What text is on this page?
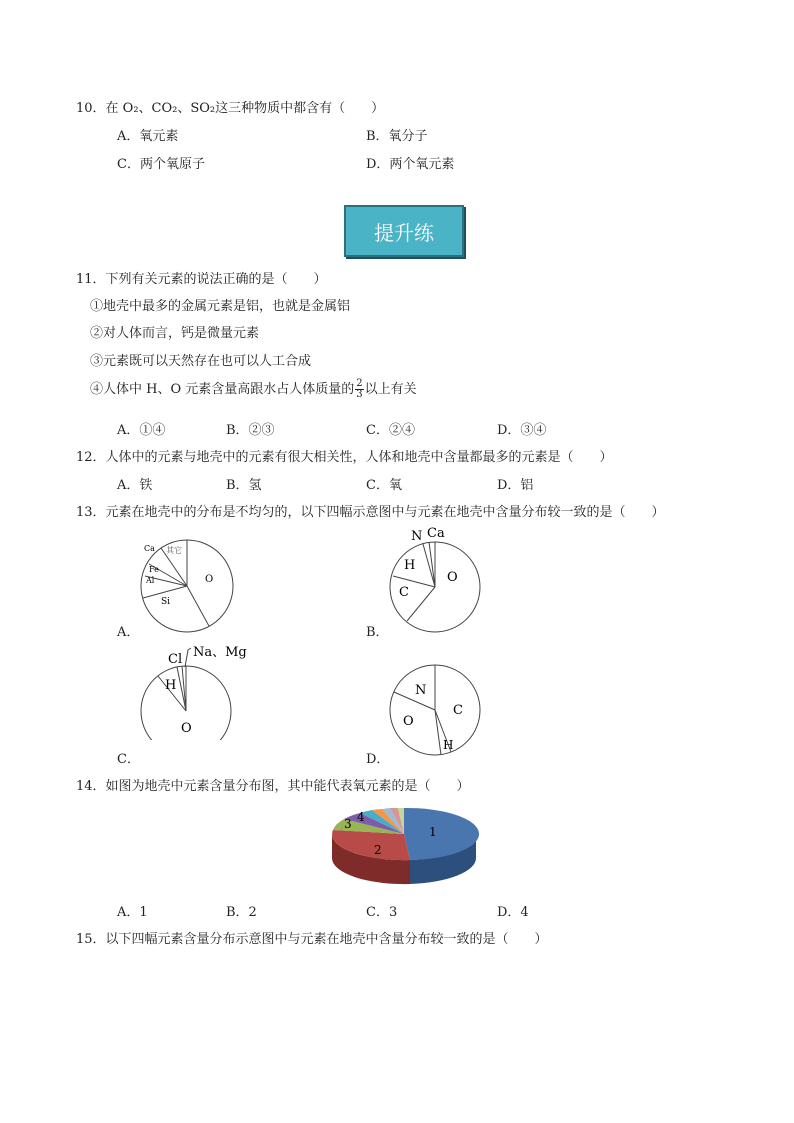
10．在 O₂、CO₂、SO₂这三种物质中都含有（　　）
A．氧元素	B．氧分子
C．两个氧原子	D．两个氧元素
提升练
11．下列有关元素的说法正确的是（　　）
①地壳中最多的金属元素是铝，也就是金属铝
②对人体而言，钙是微量元素
③元素既可以天然存在也可以人工合成
④人体中 H、O 元素含量高跟水占人体质量的 $\frac{2}{3}$ 以上有关
A．①④	B．②③	C．②④	D．③④
12．人体中的元素与地壳中的元素有很大相关性，人体和地壳中含量都最多的元素是（　　）
A．铁	B．氢	C．氧	D．铝
13．元素在地壳中的分布是不均匀的，以下四幅示意图中与元素在地壳中含量分布较一致的是（　　）
O
Si
Al
Fe
Ca 其它
A．
O
C
H
N Ca
B．
O
H
Cl Na、Mg
C．
C
N
O
H
D．
14．如图为地壳中元素含量分布图，其中能代表氧元素的是（　　）
1
2
3 4
A．1	B．2	C．3	D．4
15．以下四幅元素含量分布示意图中与元素在地壳中含量分布较一致的是（　　）
